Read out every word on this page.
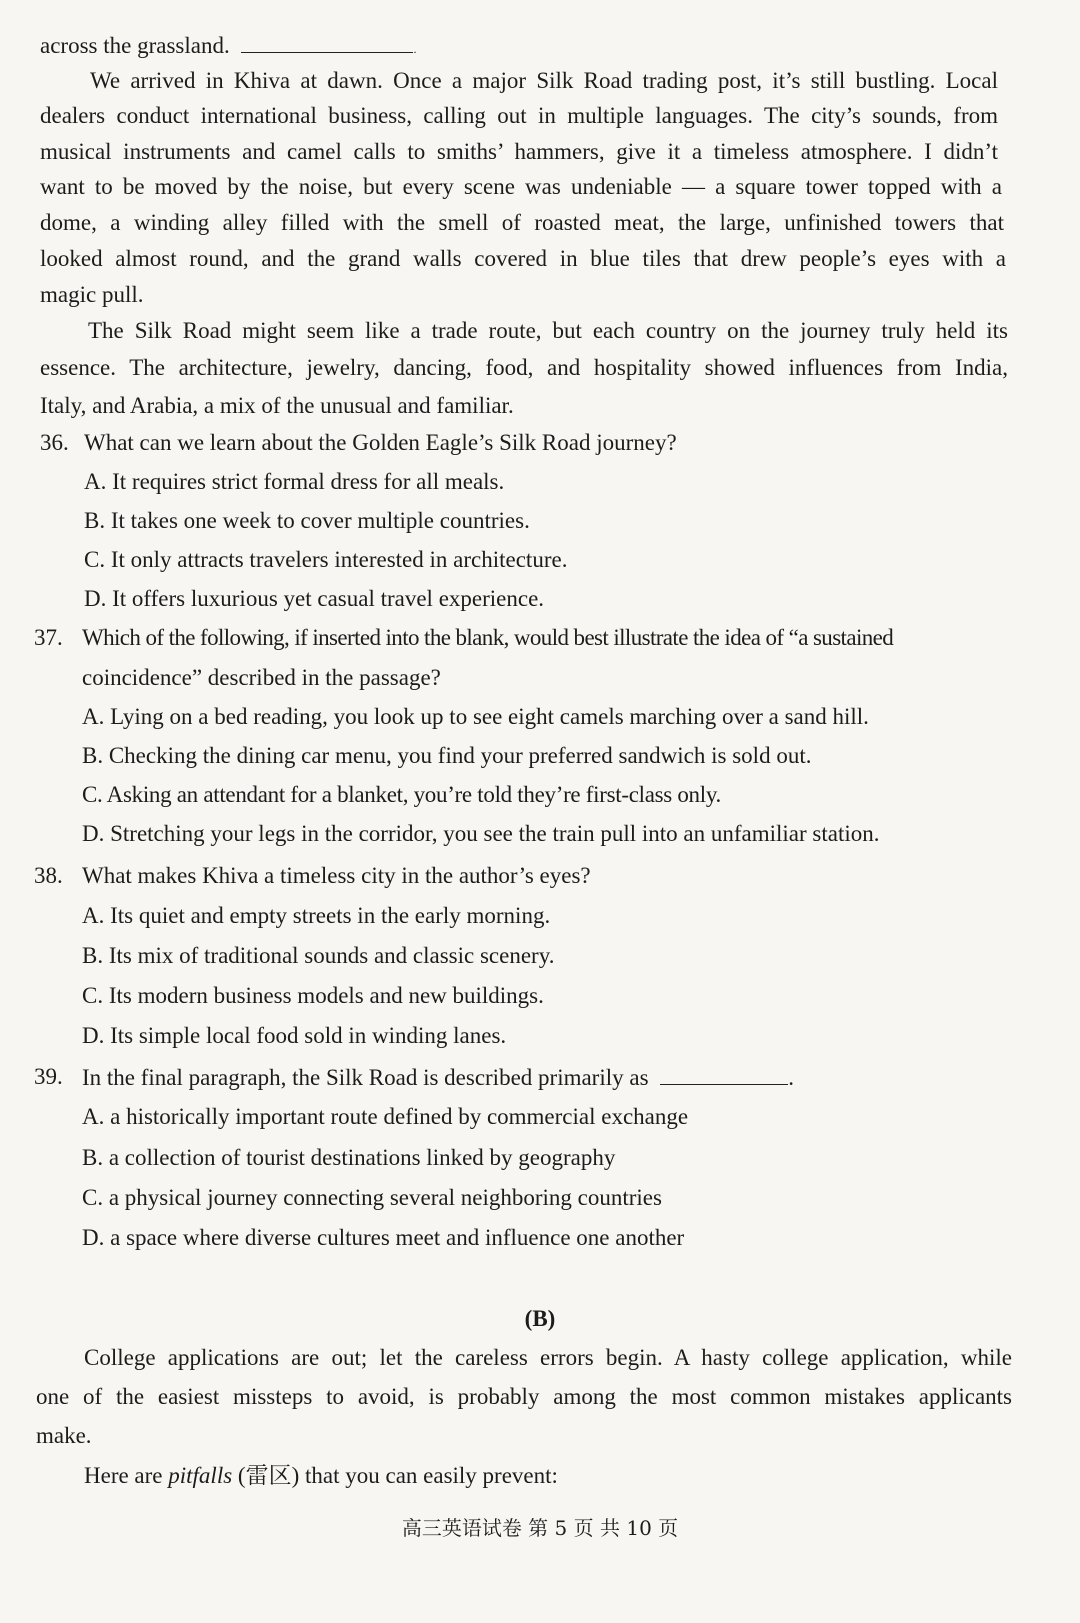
across the grassland.	.
We arrived in Khiva at dawn. Once a major Silk Road trading post, it’s still bustling. Local
dealers conduct international business, calling out in multiple languages. The city’s sounds, from
musical instruments and camel calls to smiths’ hammers, give it a timeless atmosphere. I didn’t
want to be moved by the noise, but every scene was undeniable — a square tower topped with a
dome, a winding alley filled with the smell of roasted meat, the large, unfinished towers that
looked almost round, and the grand walls covered in blue tiles that drew people’s eyes with a
magic pull.
The Silk Road might seem like a trade route, but each country on the journey truly held its
essence. The architecture, jewelry, dancing, food, and hospitality showed influences from India,
Italy, and Arabia, a mix of the unusual and familiar.
36. What can we learn about the Golden Eagle’s Silk Road journey?
A. It requires strict formal dress for all meals.
B. It takes one week to cover multiple countries.
C. It only attracts travelers interested in architecture.
D. It offers luxurious yet casual travel experience.
37. Which of the following, if inserted into the blank, would best illustrate the idea of “a sustained
coincidence” described in the passage?
A. Lying on a bed reading, you look up to see eight camels marching over a sand hill.
B. Checking the dining car menu, you find your preferred sandwich is sold out.
C. Asking an attendant for a blanket, you’re told they’re first-class only.
D. Stretching your legs in the corridor, you see the train pull into an unfamiliar station.
38. What makes Khiva a timeless city in the author’s eyes?
A. Its quiet and empty streets in the early morning.
B. Its mix of traditional sounds and classic scenery.
C. Its modern business models and new buildings.
D. Its simple local food sold in winding lanes.
39. In the final paragraph, the Silk Road is described primarily as	.
A. a historically important route defined by commercial exchange
B. a collection of tourist destinations linked by geography
C. a physical journey connecting several neighboring countries
D. a space where diverse cultures meet and influence one another
(B)
College applications are out; let the careless errors begin. A hasty college application, while
one of the easiest missteps to avoid, is probably among the most common mistakes applicants
make.
Here are pitfalls (雷区) that you can easily prevent:
高三英语试卷 第 5 页 共 10 页
